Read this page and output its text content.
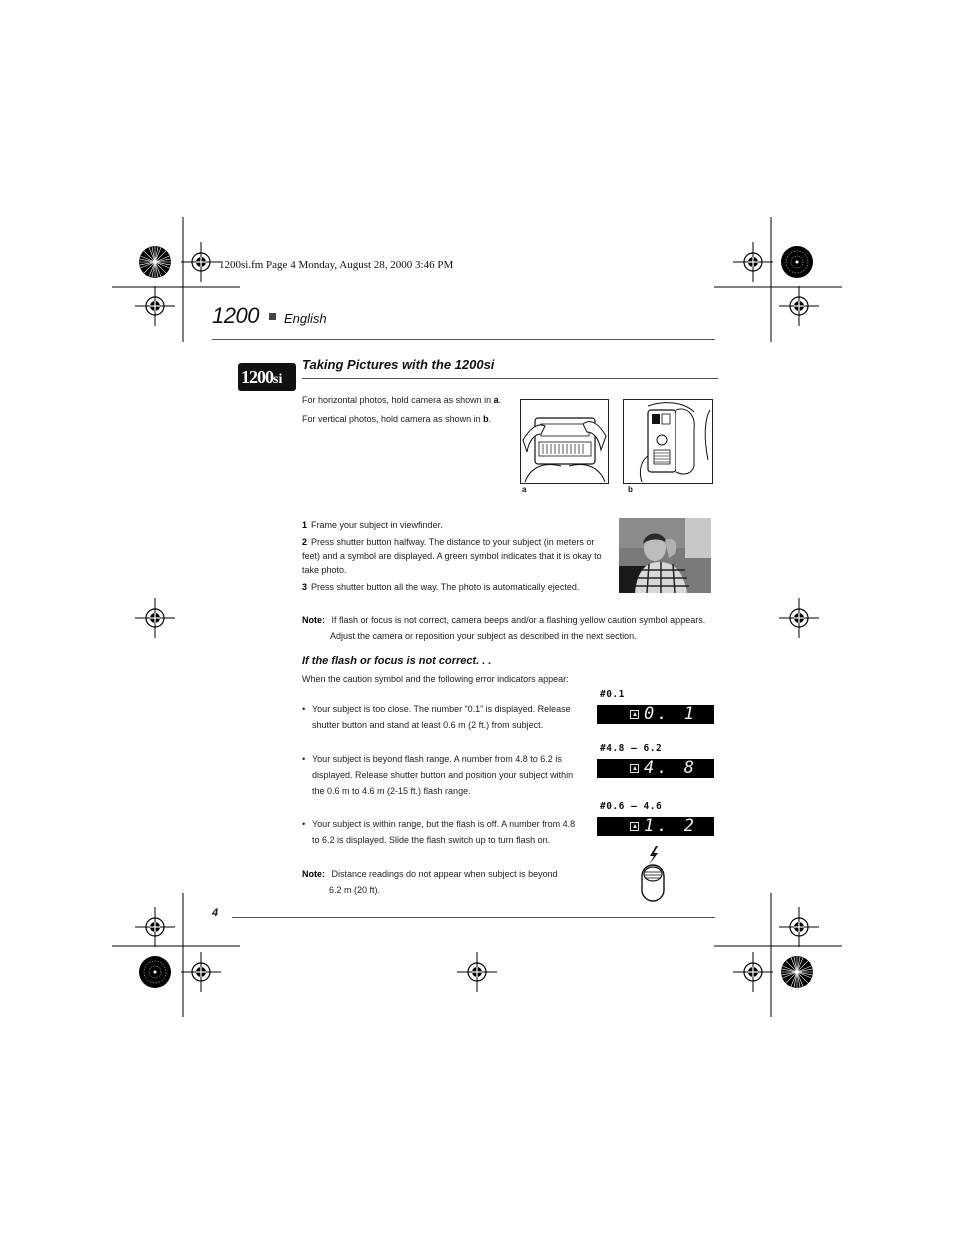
1200si.fm Page 4 Monday, August 28, 2000 3:46 PM
1200 English
1200si
Taking Pictures with the 1200si
For horizontal photos, hold camera as shown in a.
For vertical photos, hold camera as shown in b.
a	b
1 Frame your subject in viewfinder.
2 Press shutter button halfway. The distance to your subject (in meters or feet) and a symbol are displayed. A green symbol indicates that it is okay to take photo.
3 Press shutter button all the way. The photo is automatically ejected.
Note: If flash or focus is not correct, camera beeps and/or a flashing yellow caution symbol appears.
Adjust the camera or reposition your subject as described in the next section.
If the flash or focus is not correct. . .
When the caution symbol and the following error indicators appear:
• Your subject is too close. The number “0.1” is displayed. Release shutter button and stand at least 0.6 m (2 ft.) from subject.
• Your subject is beyond flash range. A number from 4.8 to 6.2 is displayed. Release shutter button and position your subject within the 0.6 m to 4.6 m (2-15 ft.) flash range.
• Your subject is within range, but the flash is off. A number from 4.8 to 6.2 is displayed. Slide the flash switch up to turn flash on.
#0.1
0. 1
#4.8 – 6.2
4. 8
#0.6 – 4.6
1. 2
Note: Distance readings do not appear when subject is beyond
6.2 m (20 ft).
4
